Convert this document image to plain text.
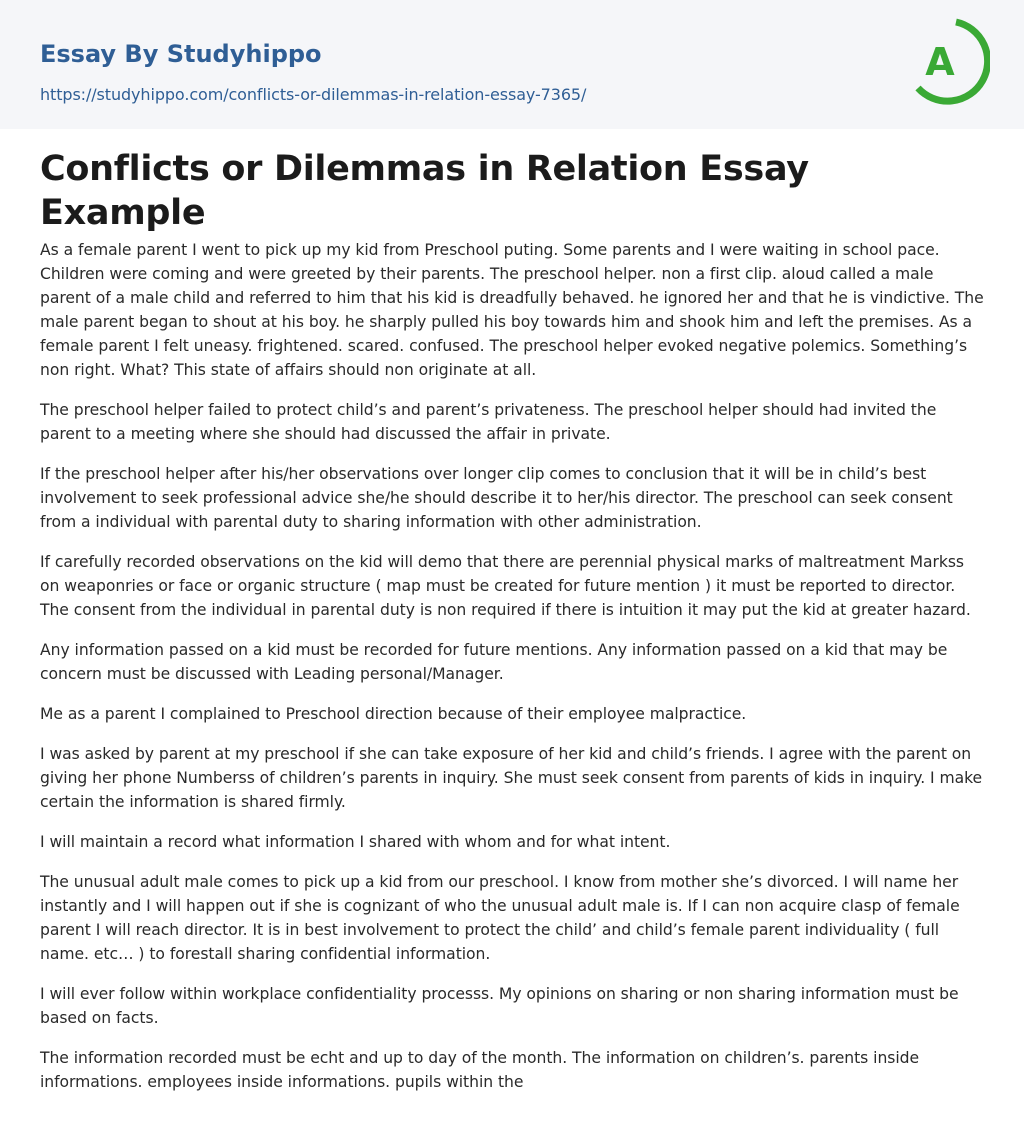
Essay By Studyhippo
https://studyhippo.com/conflicts-or-dilemmas-in-relation-essay-7365/
A
Conflicts or Dilemmas in Relation Essay Example

As a female parent I went to pick up my kid from Preschool puting. Some parents and I were waiting in school pace. Children were coming and were greeted by their parents. The preschool helper. non a first clip. aloud called a male parent of a male child and referred to him that his kid is dreadfully behaved. he ignored her and that he is vindictive. The male parent began to shout at his boy. he sharply pulled his boy towards him and shook him and left the premises. As a female parent I felt uneasy. frightened. scared. confused. The preschool helper evoked negative polemics. Something’s non right. What? This state of affairs should non originate at all.

The preschool helper failed to protect child’s and parent’s privateness. The preschool helper should had invited the parent to a meeting where she should had discussed the affair in private.

If the preschool helper after his/her observations over longer clip comes to conclusion that it will be in child’s best involvement to seek professional advice she/he should describe it to her/his director. The preschool can seek consent from a individual with parental duty to sharing information with other administration.

If carefully recorded observations on the kid will demo that there are perennial physical marks of maltreatment Markss on weaponries or face or organic structure ( map must be created for future mention ) it must be reported to director. The consent from the individual in parental duty is non required if there is intuition it may put the kid at greater hazard.

Any information passed on a kid must be recorded for future mentions. Any information passed on a kid that may be concern must be discussed with Leading personal/Manager.

Me as a parent I complained to Preschool direction because of their employee malpractice.

I was asked by parent at my preschool if she can take exposure of her kid and child’s friends. I agree with the parent on giving her phone Numberss of children’s parents in inquiry. She must seek consent from parents of kids in inquiry. I make certain the information is shared firmly.

I will maintain a record what information I shared with whom and for what intent.

The unusual adult male comes to pick up a kid from our preschool. I know from mother she’s divorced. I will name her instantly and I will happen out if she is cognizant of who the unusual adult male is. If I can non acquire clasp of female parent I will reach director. It is in best involvement to protect the child’ and child’s female parent individuality ( full name. etc… ) to forestall sharing confidential information.

I will ever follow within workplace confidentiality processs. My opinions on sharing or non sharing information must be based on facts.

The information recorded must be echt and up to day of the month. The information on children’s. parents inside informations. employees inside informations. pupils within the
